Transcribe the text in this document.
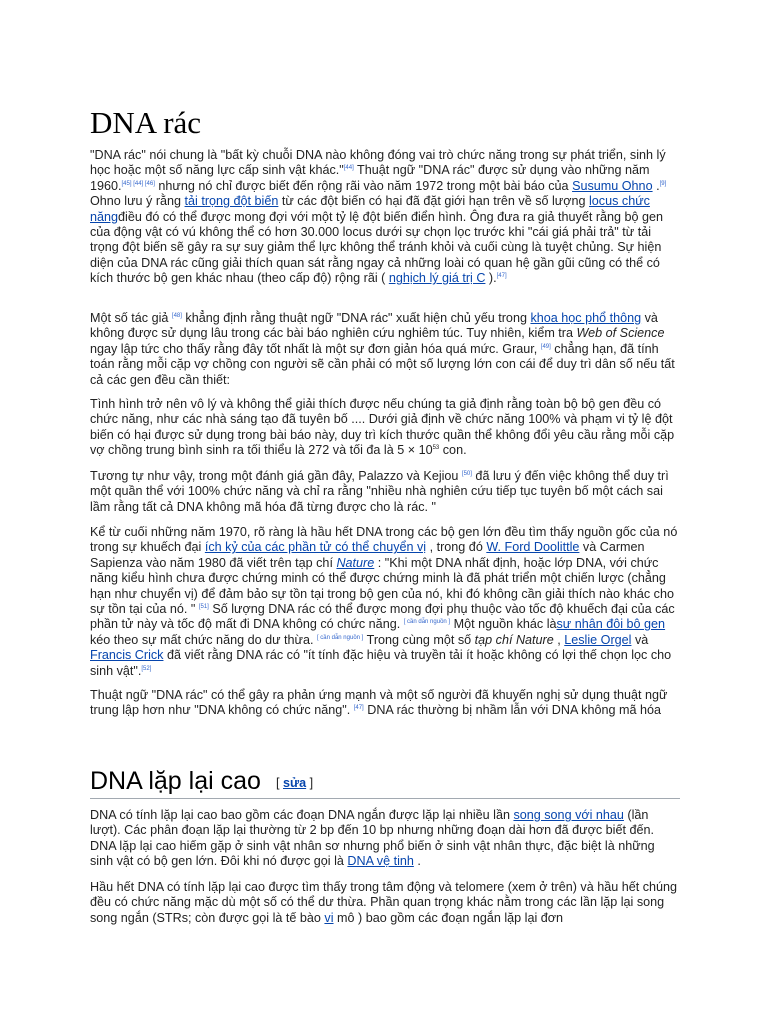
DNA rác

"DNA rác" nói chung là "bất kỳ chuỗi DNA nào không đóng vai trò chức năng trong sự phát triển, sinh lý học hoặc một số năng lực cấp sinh vật khác."[44] Thuật ngữ "DNA rác" được sử dụng vào những năm 1960.[45] [44] [46] nhưng nó chỉ được biết đến rộng rãi vào năm 1972 trong một bài báo của Susumu Ohno .[9] Ohno lưu ý rằng tải trọng đột biến từ các đột biến có hại đã đặt giới hạn trên về số lượng locus chức năngđiều đó có thể được mong đợi với một tỷ lệ đột biến điển hình. Ông đưa ra giả thuyết rằng bộ gen của động vật có vú không thể có hơn 30.000 locus dưới sự chọn lọc trước khi "cái giá phải trả" từ tải trọng đột biến sẽ gây ra sự suy giảm thể lực không thể tránh khỏi và cuối cùng là tuyệt chủng. Sự hiện diện của DNA rác cũng giải thích quan sát rằng ngay cả những loài có quan hệ gần gũi cũng có thể có kích thước bộ gen khác nhau (theo cấp độ) rộng rãi ( nghịch lý giá trị C ).[47]

Một số tác giả [48] khẳng định rằng thuật ngữ "DNA rác" xuất hiện chủ yếu trong khoa học phổ thông và không được sử dụng lâu trong các bài báo nghiên cứu nghiêm túc. Tuy nhiên, kiểm tra Web of Science ngay lập tức cho thấy rằng đây tốt nhất là một sự đơn giản hóa quá mức. Graur, [49] chẳng hạn, đã tính toán rằng mỗi cặp vợ chồng con người sẽ cần phải có một số lượng lớn con cái để duy trì dân số nếu tất cả các gen đều cần thiết:

Tình hình trở nên vô lý và không thể giải thích được nếu chúng ta giả định rằng toàn bộ bộ gen đều có chức năng, như các nhà sáng tạo đã tuyên bố .... Dưới giả định về chức năng 100% và phạm vi tỷ lệ đột biến có hại được sử dụng trong bài báo này, duy trì kích thước quần thể không đổi yêu cầu rằng mỗi cặp vợ chồng trung bình sinh ra tối thiểu là 272 và tối đa là 5 × 10$^{53}$ con.

Tương tự như vậy, trong một đánh giá gần đây, Palazzo và Kejiou [50] đã lưu ý đến việc không thể duy trì một quần thể với 100% chức năng và chỉ ra rằng "nhiều nhà nghiên cứu tiếp tục tuyên bố một cách sai lầm rằng tất cả DNA không mã hóa đã từng được cho là rác. "

Kể từ cuối những năm 1970, rõ ràng là hầu hết DNA trong các bộ gen lớn đều tìm thấy nguồn gốc của nó trong sự khuếch đại ích kỷ của các phần tử có thể chuyển vị , trong đó W. Ford Doolittle và Carmen Sapienza vào năm 1980 đã viết trên tạp chí Nature : "Khi một DNA nhất định, hoặc lớp DNA, với chức năng kiểu hình chưa được chứng minh có thể được chứng minh là đã phát triển một chiến lược (chẳng hạn như chuyển vị) để đảm bảo sự tồn tại trong bộ gen của nó, khi đó không cần giải thích nào khác cho sự tồn tại của nó. " [51] Số lượng DNA rác có thể được mong đợi phụ thuộc vào tốc độ khuếch đại của các phần tử này và tốc độ mất đi DNA không có chức năng. [ cần dẫn nguồn ] Một nguồn khác làsự nhân đôi bộ gen kéo theo sự mất chức năng do dư thừa. [ cần dẫn nguồn ] Trong cùng một số tạp chí Nature , Leslie Orgel và Francis Crick đã viết rằng DNA rác có "ít tính đặc hiệu và truyền tải ít hoặc không có lợi thế chọn lọc cho sinh vật".[52]

Thuật ngữ "DNA rác" có thể gây ra phản ứng mạnh và một số người đã khuyến nghị sử dụng thuật ngữ trung lập hơn như "DNA không có chức năng". [47] DNA rác thường bị nhầm lẫn với DNA không mã hóa

DNA lặp lại cao [ sửa ]

DNA có tính lặp lại cao bao gồm các đoạn DNA ngắn được lặp lại nhiều lần song song với nhau (lần lượt). Các phân đoạn lặp lại thường từ 2 bp đến 10 bp nhưng những đoạn dài hơn đã được biết đến. DNA lặp lại cao hiếm gặp ở sinh vật nhân sơ nhưng phổ biến ở sinh vật nhân thực, đặc biệt là những sinh vật có bộ gen lớn. Đôi khi nó được gọi là DNA vệ tinh .

Hầu hết DNA có tính lặp lại cao được tìm thấy trong tâm động và telomere (xem ở trên) và hầu hết chúng đều có chức năng mặc dù một số có thể dư thừa. Phần quan trọng khác nằm trong các lần lặp lại song song ngắn (STRs; còn được gọi là tế bào vi mô ) bao gồm các đoạn ngắn lặp lại đơn
